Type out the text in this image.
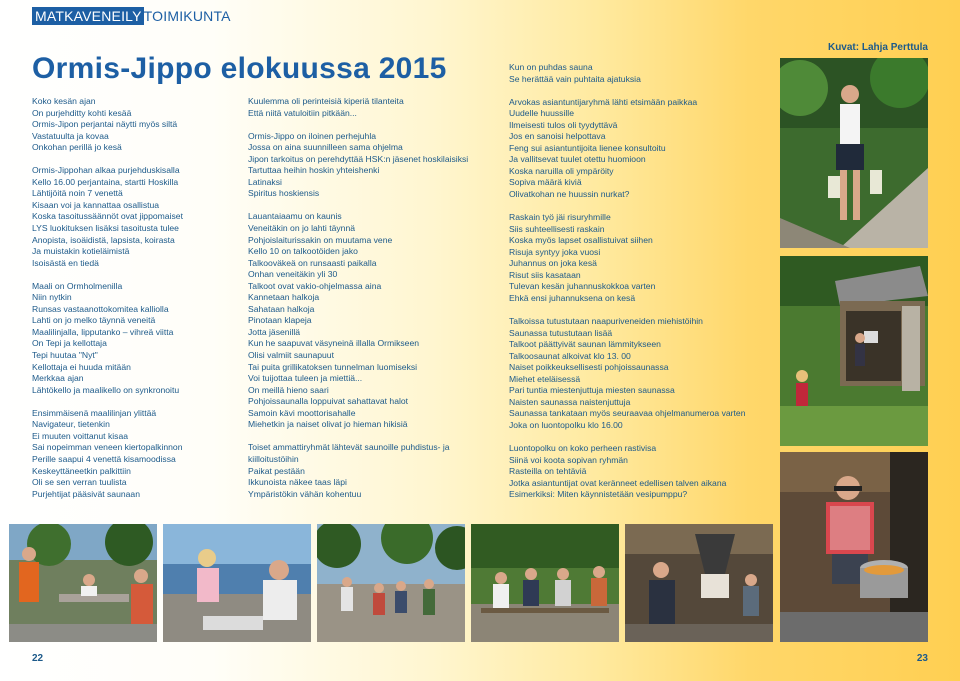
MATKAVENEILY TOIMIKUNTA
Ormis-Jippo elokuussa 2015
Kuvat: Lahja Perttula
Koko kesän ajan
On purjehditty kohti kesää
Ormis-Jipon perjantai näytti myös siltä
Vastatuulta ja kovaa
Onkohan perillä jo kesä
Ormis-Jippohan alkaa purjehduskisalla
Kello 16.00 perjantaina, startti Hoskilla
Lähtijöitä noin 7 venettä
Kisaan voi ja kannattaa osallistua
Koska tasoitussäännöt ovat jippomaiset
LYS luokituksen lisäksi tasoitusta tulee
Anopista, isoäidistä, lapsista, koirasta
Ja muistakin kotieläimistä
Isoisästä en tiedä
Maali on Ormholmenilla
Niin nytkin
Runsas vastaanottokomitea kalliolla
Lahti on jo melko täynnä veneitä
Maalilinjalla, lipputanko – vihreä viitta
On Tepi ja kellottaja
Tepi huutaa "Nyt"
Kellottaja ei huuda mitään
Merkkaa ajan
Lähtökello ja maalikello on synkronoitu
Ensimmäisenä maalilinjan ylittää
Navigateur, tietenkin
Ei muuten voittanut kisaa
Sai nopeimman veneen kiertopalkinnon
Perille saapui 4 venettä kisamoodissa
Keskeyttäneetkin palkittiin
Oli se sen verran tuulista
Purjehtijat pääsivät saunaan
Kuulemma oli perinteisiä kiperiä tilanteita
Että niitä vatuloitiin pitkään...
Ormis-Jippo on iloinen perhejuhla
Jossa on aina suunnilleen sama ohjelma
Jipon tarkoitus on perehdyttää HSK:n jäsenet hoskilaisiksi
Tartuttaa heihin hoskin yhteishenki
Latinaksi
Spiritus hoskiensis
Lauantaiaamu on kaunis
Veneitäkin on jo lahti täynnä
Pohjoislaiturissakin on muutama vene
Kello 10 on talkootöiden jako
Talkooväkeä on runsaasti paikalla
Onhan veneitäkin yli 30
Talkoot ovat vakio-ohjelmassa aina
Kannetaan halkoja
Sahataan halkoja
Pinotaan klapeja
Jotta jäsenillä
Kun he saapuvat väsyneinä illalla Ormikseen
Olisi valmiit saunapuut
Tai puita grillikatoksen tunnelman luomiseksi
Voi tuijottaa tuleen ja miettiä...
On meillä hieno saari
Pohjoissaunalla loppuivat sahattavat halot
Samoin kävi moottorisahalle
Miehetkin ja naiset olivat jo hieman hikisiä
Toiset ammattiryhmät lähtevät saunoille puhdistus- ja
kiilloitustöihin
Paikat pestään
Ikkunoista näkee taas läpi
Ympäristökin vähän kohentuu
Kun on puhdas sauna
Se herättää vain puhtaita ajatuksia
Arvokas asiantuntijaryhmä lähti etsimään paikkaa
Uudelle huussille
Ilmeisesti tulos oli tyydyttävä
Jos en sanoisi helpottava
Feng sui asiantuntijoita lienee konsultoitu
Ja vallitsevat tuulet otettu huomioon
Koska naruilla oli ympäröity
Sopiva määrä kiviä
Olivatkohan ne huussin nurkat?
Raskain työ jäi risuryhmille
Siis suhteellisesti raskain
Koska myös lapset osallistuivat siihen
Risuja syntyy joka vuosi
Juhannus on joka kesä
Risut siis kasataan
Tulevan kesän juhannuskokkoa varten
Ehkä ensi juhannuksena on kesä
Talkoissa tutustutaan naapuriveneiden miehistöihin
Saunassa tutustutaan lisää
Talkoot päättyivät saunan lämmitykseen
Talkoosaunat alkoivat klo 13. 00
Naiset poikkeuksellisesti pohjoissaunassa
Miehet eteläisessä
Pari tuntia miestenjuttuja miesten saunassa
Naisten saunassa naistenjuttuja
Saunassa tankataan myös seuraavaa ohjelmanumeroa varten
Joka on luontopolku klo 16.00
Luontopolku on koko perheen rastivisa
Siinä voi koota sopivan ryhmän
Rasteilla on tehtäviä
Jotka asiantuntijat ovat keränneet edellisen talven aikana
Esimerkiksi: Miten käynnistetään vesipumppu?
22	23
